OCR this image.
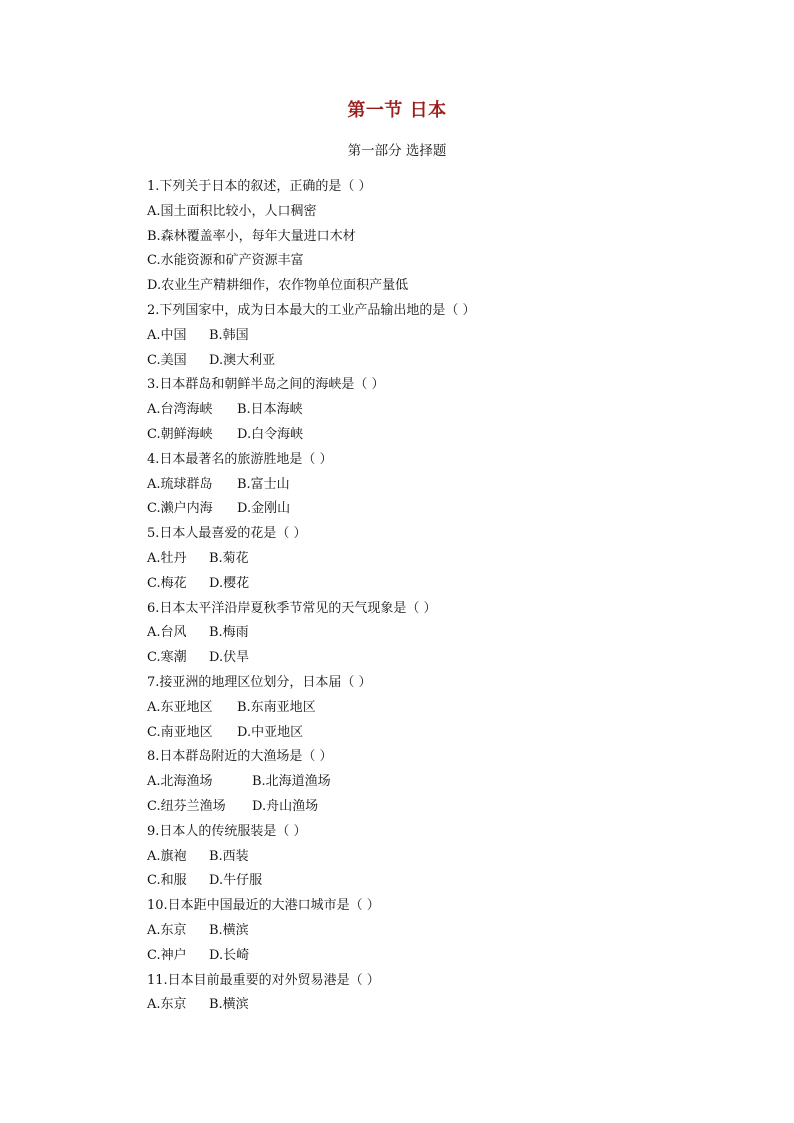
第一节 日本
第一部分 选择题
1.下列关于日本的叙述，正确的是（ ）
A.国土面积比较小，人口稠密
B.森林覆盖率小，每年大量进口木材
C.水能资源和矿产资源丰富
D.农业生产精耕细作，农作物单位面积产量低
2.下列国家中，成为日本最大的工业产品输出地的是（ ）
A.中国 B.韩国
C.美国 D.澳大利亚
3.日本群岛和朝鲜半岛之间的海峡是（ ）
A.台湾海峡 B.日本海峡
C.朝鲜海峡 D.白令海峡
4.日本最著名的旅游胜地是（ ）
A.琉球群岛 B.富士山
C.濑户内海 D.金刚山
5.日本人最喜爱的花是（ ）
A.牡丹 B.菊花
C.梅花 D.樱花
6.日本太平洋沿岸夏秋季节常见的天气现象是（ ）
A.台风 B.梅雨
C.寒潮 D.伏旱
7.接亚洲的地理区位划分，日本届（ ）
A.东亚地区 B.东南亚地区
C.南亚地区 D.中亚地区
8.日本群岛附近的大渔场是（ ）
A.北海渔场	B.北海道渔场
C.纽芬兰渔场 D.舟山渔场
9.日本人的传统服装是（ ）
A.旗袍 B.西装
C.和服 D.牛仔服
10.日本距中国最近的大港口城市是（ ）
A.东京 B.横滨
C.神户 D.长崎
11.日本目前最重要的对外贸易港是（ ）
A.东京 B.横滨
